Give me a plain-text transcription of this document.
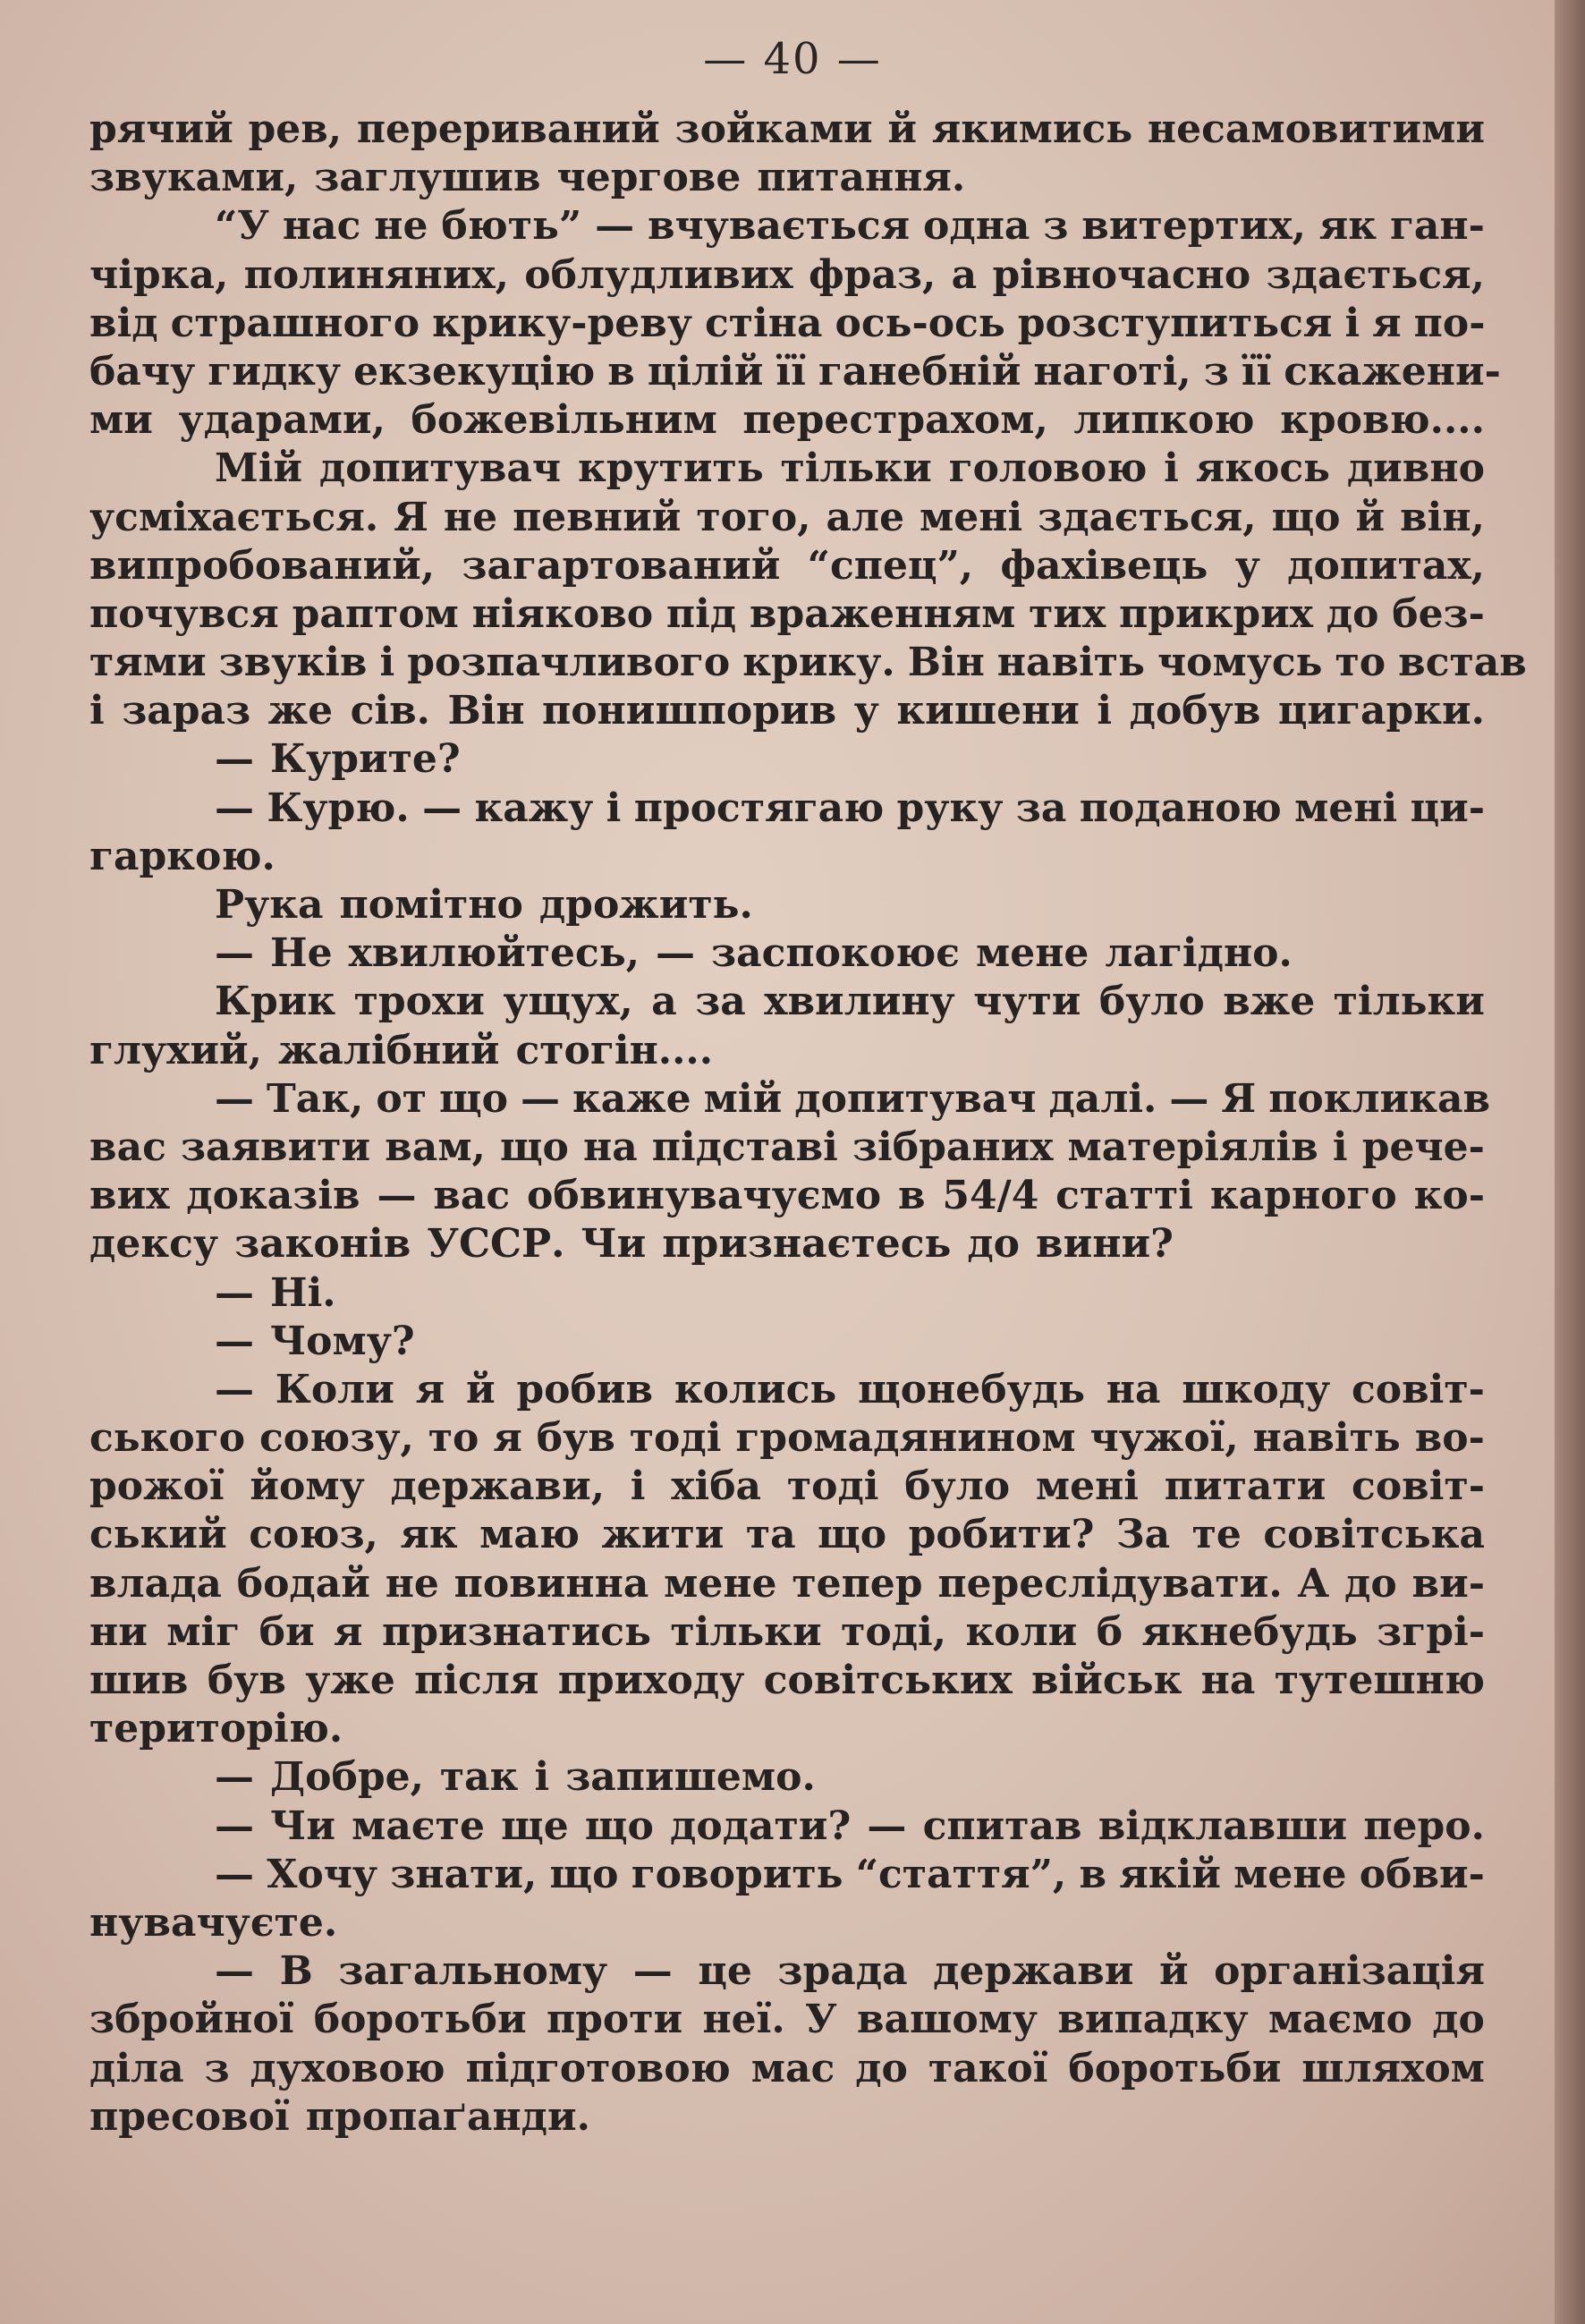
— 40 —
рячий рев, перериваний зойками й якимись несамовитими
звуками, заглушив чергове питання.
“У нас не бють” — вчувається одна з витертих, як ган-
чірка, полиняних, облудливих фраз, а рівночасно здається,
від страшного крику-реву стіна ось-ось розступиться і я по-
бачу гидку екзекуцію в цілій її ганебній наготі, з її скажени-
ми ударами, божевільним перестрахом, липкою кровю....
Мій допитувач крутить тільки головою і якось дивно
усміхається. Я не певний того, але мені здається, що й він,
випробований, загартований “спец”, фахівець у допитах,
почувся раптом ніяково під враженням тих прикрих до без-
тями звуків і розпачливого крику. Він навіть чомусь то встав
і зараз же сів. Він понишпорив у кишени і добув цигарки.
— Курите?
— Курю. — кажу і простягаю руку за поданою мені ци-
гаркою.
Рука помітно дрожить.
— Не хвилюйтесь, — заспокоює мене лагідно.
Крик трохи ущух, а за хвилину чути було вже тільки
глухий, жалібний стогін....
— Так, от що — каже мій допитувач далі. — Я покликав
вас заявити вам, що на підставі зібраних матеріялів і рече-
вих доказів — вас обвинувачуємо в 54/4 статті карного ко-
дексу законів УССР. Чи признаєтесь до вини?
— Ні.
— Чому?
— Коли я й робив колись щонебудь на шкоду совіт-
ського союзу, то я був тоді громадянином чужої, навіть во-
рожої йому держави, і хіба тоді було мені питати совіт-
ський союз, як маю жити та що робити? За те совітська
влада бодай не повинна мене тепер переслідувати. А до ви-
ни міг би я признатись тільки тоді, коли б якнебудь згрі-
шив був уже після приходу совітських військ на тутешню
територію.
— Добре, так і запишемо.
— Чи маєте ще що додати? — спитав відклавши перо.
— Хочу знати, що говорить “стаття”, в якій мене обви-
нувачуєте.
— В загальному — це зрада держави й організація
збройної боротьби проти неї. У вашому випадку маємо до
діла з духовою підготовою мас до такої боротьби шляхом
пресової пропаґанди.
